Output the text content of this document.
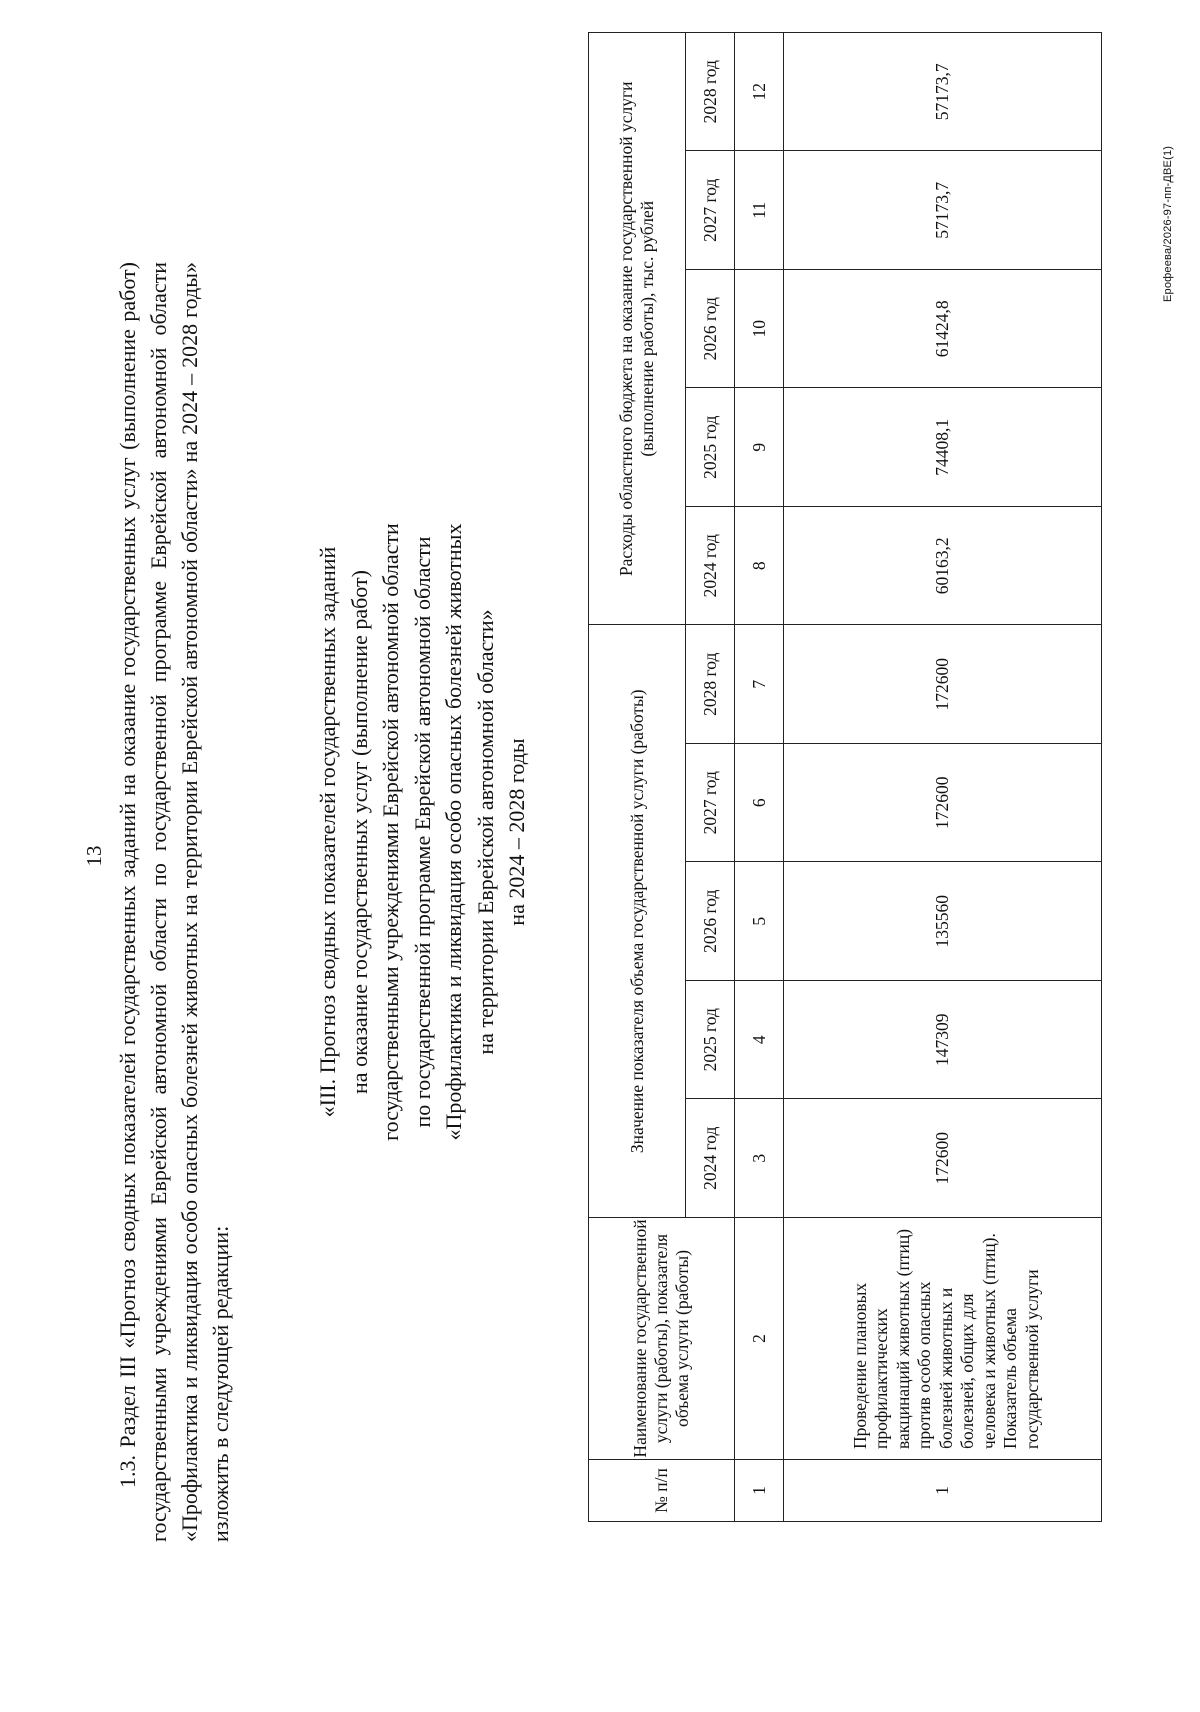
13 1.3. Раздел III «Прогноз сводных показателей государственных заданий на оказание государственных услуг (выполнение работ) государственными учреждениями Еврейской автономной области по государственной программе Еврейской автономной области «Профилактика и ликвидация особо опасных болезней животных на территории Еврейской автономной области» на 2024 – 2028 годы» изложить в следующей редакции:

«III. Прогноз сводных показателей государственных заданий на оказание государственных услуг (выполнение работ) государственными учреждениями Еврейской автономной области по государственной программе Еврейской автономной области «Профилактика и ликвидация особо опасных болезней животных на территории Еврейской автономной области» на 2024 – 2028 годы
№ п/п	Наименование государственной услуги (работы), показателя объема услуги (работы)	Значение показателя объема государственной услуги (работы)					Расходы областного бюджета на оказание государственной услуги (выполнение работы), тыс. рублей				
		2024 год	2025 год	2026 год	2027 год	2028 год	2024 год	2025 год	2026 год	2027 год	2028 год
1	2	3	4	5	6	7	8	9	10	11	12
1	Проведение плановых профилактических вакцинаций животных (птиц) против особо опасных болезней животных и болезней, общих для человека и животных (птиц). Показатель объема государственной услуги	172600	147309	135560	172600	172600	60163,2	74408,1	61424,8	57173,7	57173,7
Ерофеева/2026-97-пп-ДВЕ(1)
